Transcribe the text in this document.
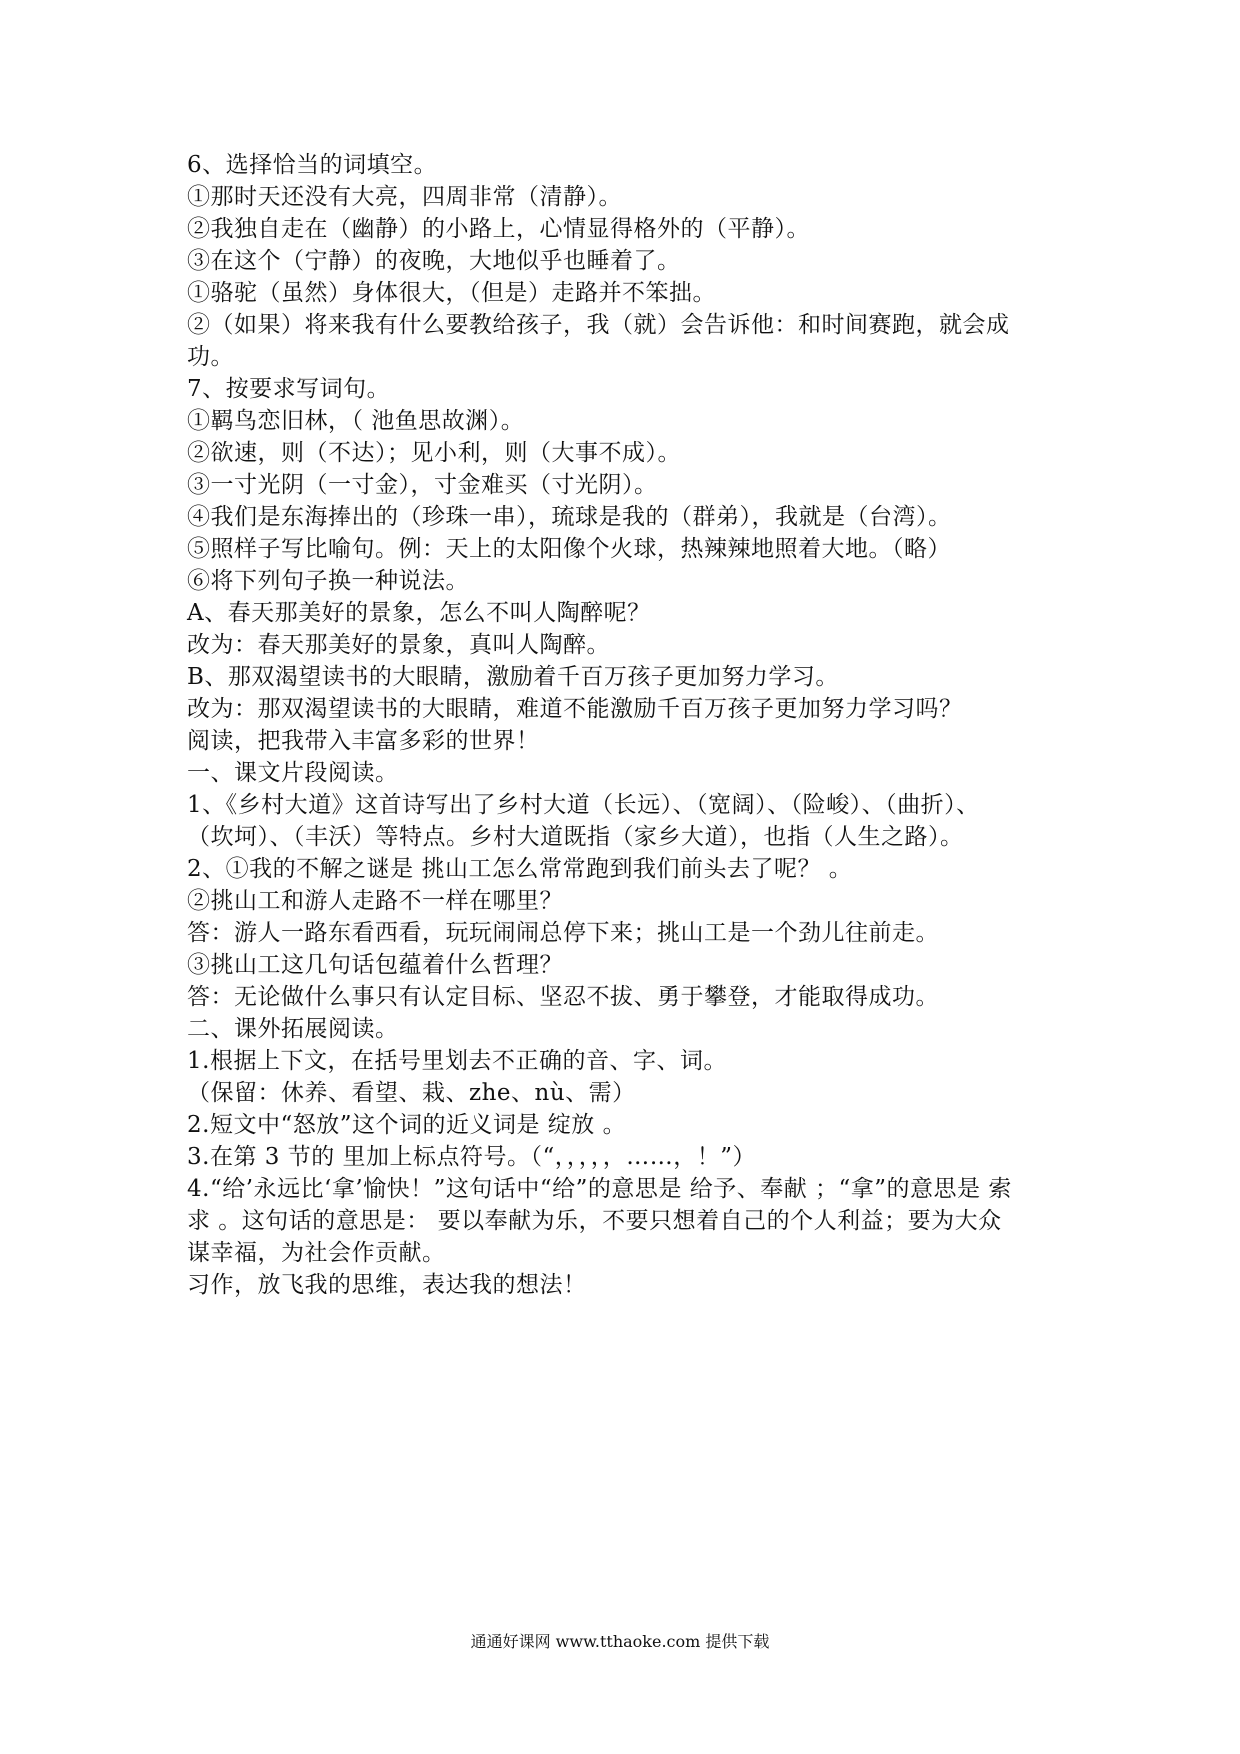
6、选择恰当的词填空。
①那时天还没有大亮，四周非常（清静）。
②我独自走在（幽静）的小路上，心情显得格外的（平静）。
③在这个（宁静）的夜晚，大地似乎也睡着了。
①骆驼（虽然）身体很大，（但是）走路并不笨拙。
②（如果）将来我有什么要教给孩子，我（就）会告诉他：和时间赛跑，就会成
功。
7、按要求写词句。
①羁鸟恋旧林，（ 池鱼思故渊）。
②欲速，则（不达）；见小利，则（大事不成）。
③一寸光阴（一寸金），寸金难买（寸光阴）。
④我们是东海捧出的（珍珠一串），琉球是我的（群弟），我就是（台湾）。
⑤照样子写比喻句。例：天上的太阳像个火球，热辣辣地照着大地。（略）
⑥将下列句子换一种说法。
A、春天那美好的景象，怎么不叫人陶醉呢？
改为：春天那美好的景象，真叫人陶醉。
B、那双渴望读书的大眼睛，激励着千百万孩子更加努力学习。
改为：那双渴望读书的大眼睛，难道不能激励千百万孩子更加努力学习吗？
阅读，把我带入丰富多彩的世界！
一、课文片段阅读。
1、《乡村大道》这首诗写出了乡村大道（长远）、（宽阔）、（险峻）、（曲折）、
（坎坷）、（丰沃）等特点。乡村大道既指（家乡大道），也指（人生之路）。
2、①我的不解之谜是 挑山工怎么常常跑到我们前头去了呢？ 。
②挑山工和游人走路不一样在哪里？
答：游人一路东看西看，玩玩闹闹总停下来；挑山工是一个劲儿往前走。
③挑山工这几句话包蕴着什么哲理？
答：无论做什么事只有认定目标、坚忍不拔、勇于攀登，才能取得成功。
二、课外拓展阅读。
1.根据上下文，在括号里划去不正确的音、字、词。
（保留：休养、看望、栽、zhe、nù、需）
2.短文中“怒放”这个词的近义词是 绽放 。
3.在第 3 节的 里加上标点符号。（“，，，，，……，！”）
4.“给’永远比‘拿’愉快！”这句话中“给”的意思是 给予、奉献 ；“拿”的意思是 索
求 。这句话的意思是： 要以奉献为乐，不要只想着自己的个人利益；要为大众
谋幸福，为社会作贡献。
习作，放飞我的思维，表达我的想法！
通通好课网 www.tthaoke.com 提供下载
